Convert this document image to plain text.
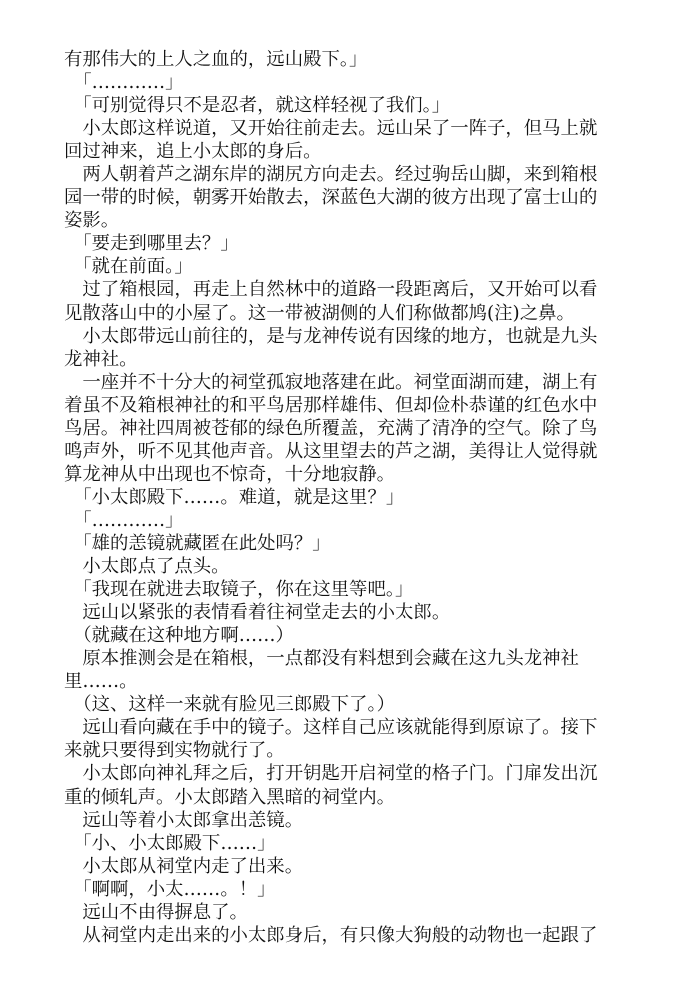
有那伟大的上人之血的，远山殿下。」
　「…………」
　「可别觉得只不是忍者，就这样轻视了我们。」
　小太郎这样说道，又开始往前走去。远山呆了一阵子，但马上就
回过神来，追上小太郎的身后。
　两人朝着芦之湖东岸的湖尻方向走去。经过驹岳山脚，来到箱根
园一带的时候，朝雾开始散去，深蓝色大湖的彼方出现了富士山的
姿影。
　「要走到哪里去？」
　「就在前面。」
　过了箱根园，再走上自然林中的道路一段距离后，又开始可以看
见散落山中的小屋了。这一带被湖侧的人们称做都鸠(注)之鼻。
　小太郎带远山前往的，是与龙神传说有因缘的地方，也就是九头
龙神社。
　一座并不十分大的祠堂孤寂地落建在此。祠堂面湖而建，湖上有
着虽不及箱根神社的和平鸟居那样雄伟、但却俭朴恭谨的红色水中
鸟居。神社四周被苍郁的绿色所覆盖，充满了清净的空气。除了鸟
鸣声外，听不见其他声音。从这里望去的芦之湖，美得让人觉得就
算龙神从中出现也不惊奇，十分地寂静。
　「小太郎殿下……。难道，就是这里？」
　「…………」
　「雄的恙镜就藏匿在此处吗？」
　小太郎点了点头。
　「我现在就进去取镜子，你在这里等吧。」
　远山以紧张的表情看着往祠堂走去的小太郎。
　（就藏在这种地方啊……）
　原本推测会是在箱根，一点都没有料想到会藏在这九头龙神社
里……。
　（这、这样一来就有脸见三郎殿下了。）
　远山看向藏在手中的镜子。这样自己应该就能得到原谅了。接下
来就只要得到实物就行了。
　小太郎向神礼拜之后，打开钥匙开启祠堂的格子门。门扉发出沉
重的倾轧声。小太郎踏入黑暗的祠堂内。
　远山等着小太郎拿出恙镜。
　「小、小太郎殿下……」
　小太郎从祠堂内走了出来。
　「啊啊，小太……。！」
　远山不由得摒息了。
　从祠堂内走出来的小太郎身后，有只像大狗般的动物也一起跟了
